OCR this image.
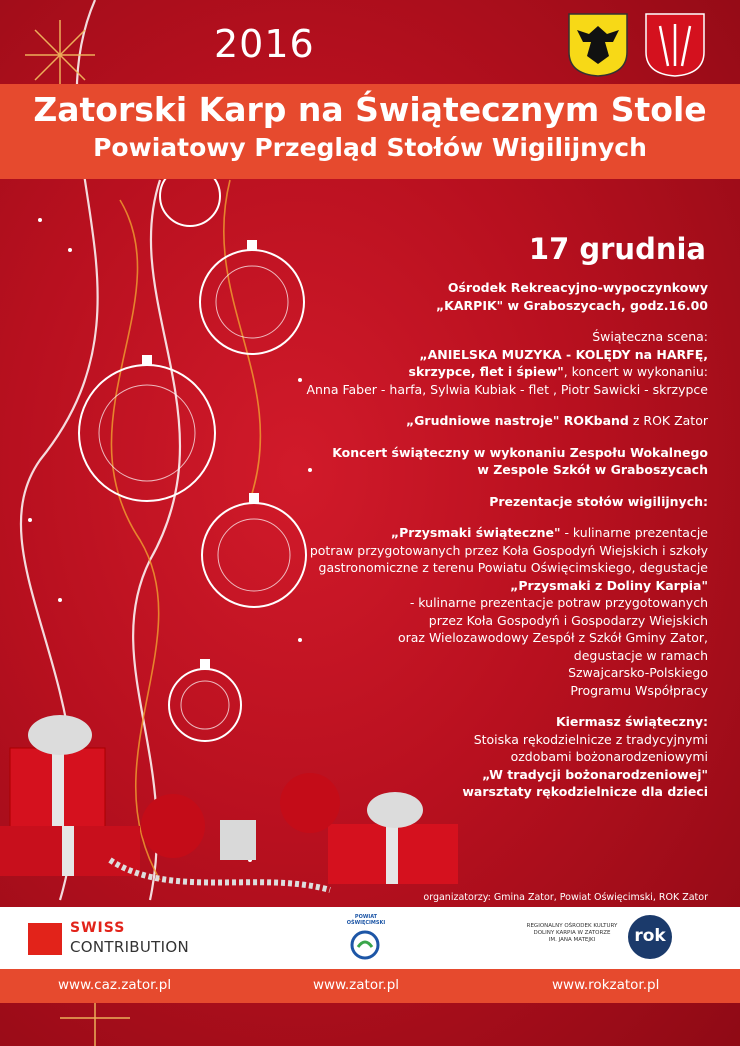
2016
Zatorski Karp na Świątecznym Stole
Powiatowy Przegląd Stołów Wigilijnych
17 grudnia

Ośrodek Rekreacyjno-wypoczynkowy
„KARPIK" w Graboszycach, godz.16.00

Świąteczna scena:
„ANIELSKA MUZYKA - KOLĘDY na HARFĘ,
skrzypce, flet i śpiew", koncert w wykonaniu:
Anna Faber - harfa, Sylwia Kubiak - flet , Piotr Sawicki - skrzypce

„Grudniowe nastroje" ROKband z ROK Zator

Koncert świąteczny w wykonaniu Zespołu Wokalnego
w Zespole Szkół w Graboszycach

Prezentacje stołów wigilijnych:

„Przysmaki świąteczne" - kulinarne prezentacje
potraw przygotowanych przez Koła Gospodyń Wiejskich i szkoły
gastronomiczne z terenu Powiatu Oświęcimskiego, degustacje
„Przysmaki z Doliny Karpia"
- kulinarne prezentacje potraw przygotowanych
przez Koła Gospodyń i Gospodarzy Wiejskich
oraz Wielozawodowy Zespół z Szkół Gminy Zator,
degustacje w ramach
Szwajcarsko-Polskiego
Programu Współpracy

Kiermasz świąteczny:
Stoiska rękodzielnicze z tradycyjnymi
ozdobami bożonarodzeniowymi
„W tradycji bożonarodzeniowej"
warsztaty rękodzielnicze dla dzieci

organizatorzy: Gmina Zator, Powiat Oświęcimski, ROK Zator
SWISS
CONTRIBUTION
POWIAT
OŚWIĘCIMSKI	REGIONALNY OŚRODEK KULTURY
DOLINY KARPIA W ZATORZE
IM. JANA MATEJKI	rok
www.caz.zator.pl	www.zator.pl	www.rokzator.pl
